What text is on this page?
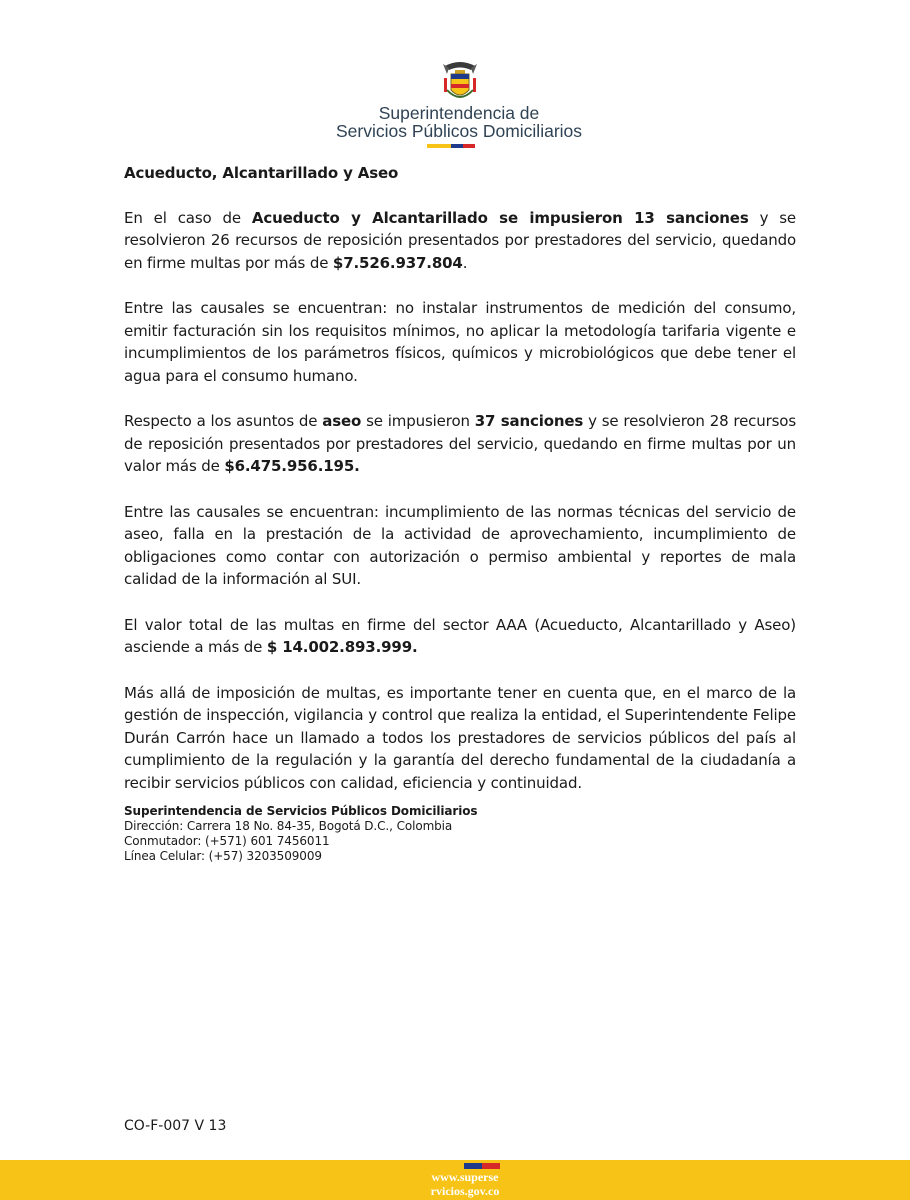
Superintendencia de
Servicios Públicos Domiciliarios
Acueducto, Alcantarillado y Aseo

En el caso de Acueducto y Alcantarillado se impusieron 13 sanciones y se resolvieron 26 recursos de reposición presentados por prestadores del servicio, quedando en firme multas por más de $7.526.937.804.

Entre las causales se encuentran: no instalar instrumentos de medición del consumo, emitir facturación sin los requisitos mínimos, no aplicar la metodología tarifaria vigente e incumplimientos de los parámetros físicos, químicos y microbiológicos que debe tener el agua para el consumo humano.

Respecto a los asuntos de aseo se impusieron 37 sanciones y se resolvieron 28 recursos de reposición presentados por prestadores del servicio, quedando en firme multas por un valor más de $6.475.956.195.

Entre las causales se encuentran: incumplimiento de las normas técnicas del servicio de aseo, falla en la prestación de la actividad de aprovechamiento, incumplimiento de obligaciones como contar con autorización o permiso ambiental y reportes de mala calidad de la información al SUI.

El valor total de las multas en firme del sector AAA (Acueducto, Alcantarillado y Aseo) asciende a más de $ 14.002.893.999.

Más allá de imposición de multas, es importante tener en cuenta que, en el marco de la gestión de inspección, vigilancia y control que realiza la entidad, el Superintendente Felipe Durán Carrón hace un llamado a todos los prestadores de servicios públicos del país al cumplimiento de la regulación y la garantía del derecho fundamental de la ciudadanía a recibir servicios públicos con calidad, eficiencia y continuidad.

Superintendencia de Servicios Públicos Domiciliarios
Dirección: Carrera 18 No. 84-35, Bogotá D.C., Colombia
Conmutador: (+571) 601 7456011
Línea Celular: (+57) 3203509009
CO-F-007 V 13
www.superse
rvicios.gov.co
